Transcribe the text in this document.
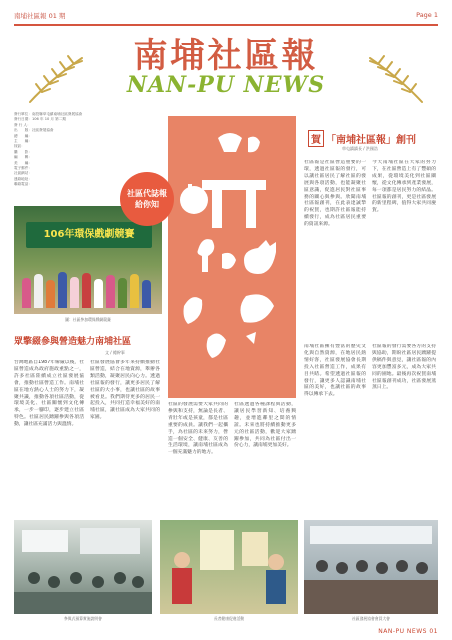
南埔社區報 01 期	Page 1
南埔社區報
NAN-PU NEWS
發行單位：南投縣草屯鎮南埔社區發展協會
發行日期：106 年 10 月 第二期
發 行 人：
出　　版：社區發展協會
總　　編：
主　　編：
採訪：
攝　　影：
編　　輯：
美　　編：
電子郵件：
社區網站：
連絡地址：
聯絡電話：
社區代誌報
給你知
106年環保戲劇競賽
圖：社區參加環保戲劇競賽
眾擎綴參與營造魅力南埔社區
文 / 總幹事
台灣地區自1987年解嚴以後，社區營造成為政府施政重點之一，許多社區陸續成立社區發展協會，推動社區營造工作。南埔社區在地方熱心人士的努力下，凝聚共識，推動各項社區活動，從環境美化、社區關懷到文化傳承，一步一腳印，逐步建立社區特色。社區居民踴躍參與各項活動，讓社區充滿活力與溫情。
社區發展協會多年來持續推動社區營造，結合在地資源，舉辦各類活動，凝聚居民向心力。透過社區報的發行，讓更多居民了解社區的大小事，也讓社區的故事被看見。我們期待更多的居民一起投入，共同打造幸福美好的南埔社區，讓社區成為大家共同的家園。
社區的發展需要大家共同的參與和支持，無論是長者、青壯年或是孩童，都是社區重要的成員。讓我們一起攜手，為社區的未來努力，營造一個安全、健康、友善的生活環境，讓南埔社區成為一個充滿魅力的地方。
社區透過各種課程與活動，讓居民學習新知、培養興趣，並增進鄰里之間的情誼。未來也將持續推動更多元的社區活動，歡迎大家踴躍參加，共同為社區付出一份心力，讓南埔更加美好。
賀 「南埔社區報」創刊
草屯鎮鎮長 / 洪國浩
社區報是社區營造重要的一環，透過社區報的發行，可以讓社區居民了解社區的發展與各項活動，也能凝聚社區意識，促進居民對社區事務的關心與參與。欣聞南埔社區報創刊，在此表達誠摯的祝賀，也期許社區報能持續發行，成為社區居民重要的資訊來源。
今天南埔社區在大家的努力下，在社區營造上有了豐碩的成果，從環境美化到社區關懷，從文化傳承到產業發展，每一項都是居民努力的結晶。社區報的創刊，更是社區發展的新里程碑，值得大家共同慶賀。
南埔社區擁有豐富的歷史文化與自然資源，在地居民熱情好客，社區發展協會長期投入社區營造工作，成果有目共睹。希望透過社區報的發行，讓更多人認識南埔社區的美好，也讓社區的故事得以傳承下去。
社區報的發行需要各方的支持與協助，期盼社區居民踴躍提供稿件與意見，讓社區報的內容更加豐富多元，成為大家共同的園地。最後再次祝賀南埔社區報創刊成功，社區發展蒸蒸日上。
參與式預算實施說明會	長者健康促進活動	社區發展協會會員大會
NAN-PU NEWS 01
